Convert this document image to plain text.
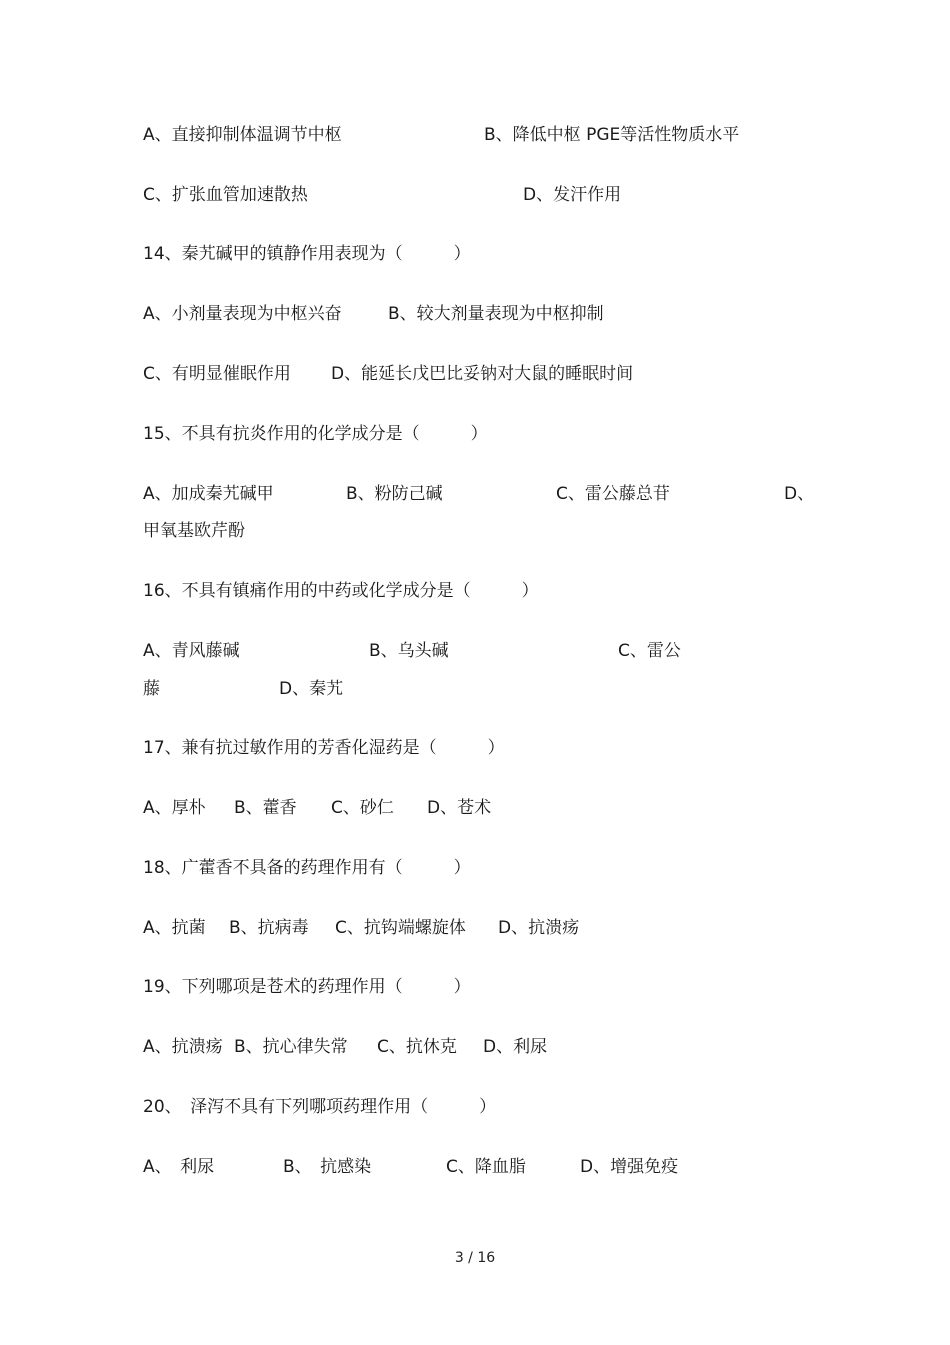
A、直接抑制体温调节中枢	B、降低中枢 PGE等活性物质水平
C、扩张血管加速散热	D、发汗作用
14、秦艽碱甲的镇静作用表现为（　　　）
A、小剂量表现为中枢兴奋	B、较大剂量表现为中枢抑制
C、有明显催眠作用 D、能延长戊巴比妥钠对大鼠的睡眠时间
15、不具有抗炎作用的化学成分是（　　　）
A、加成秦艽碱甲	B、粉防己碱	C、雷公藤总苷	D、
甲氧基欧芹酚
16、不具有镇痛作用的中药或化学成分是（　　　）
A、青风藤碱	B、乌头碱	C、雷公
藤	D、秦艽
17、兼有抗过敏作用的芳香化湿药是（　　　）
A、厚朴 B、藿香 C、砂仁 D、苍术
18、广藿香不具备的药理作用有（　　　）
A、抗菌 B、抗病毒 C、抗钩端螺旋体 D、抗溃疡
19、下列哪项是苍术的药理作用（　　　）
A、抗溃疡 B、抗心律失常 C、抗休克 D、利尿
20、　泽泻不具有下列哪项药理作用（　　　）
A、　利尿	B、　抗感染	C、降血脂	D、增强免疫
3 / 16
